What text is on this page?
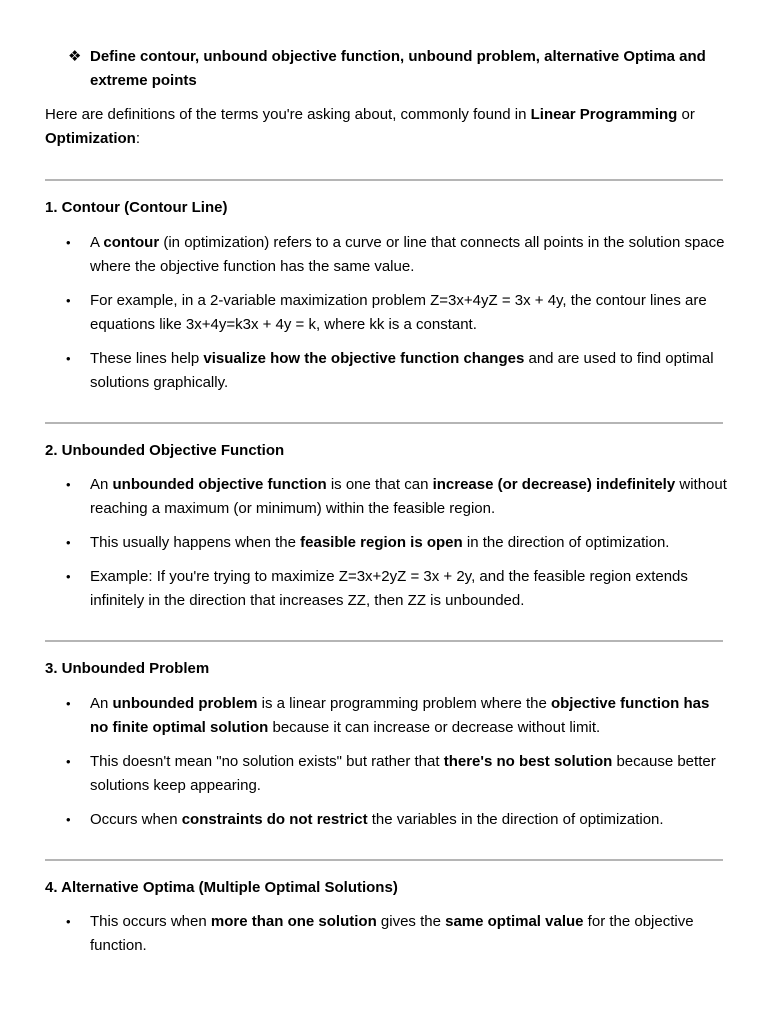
❖ Define contour, unbound objective function, unbound problem, alternative Optima and extreme points
Here are definitions of the terms you're asking about, commonly found in Linear Programming or Optimization:
1. Contour (Contour Line)
• A contour (in optimization) refers to a curve or line that connects all points in the solution space where the objective function has the same value.
• For example, in a 2-variable maximization problem Z=3x+4yZ = 3x + 4y, the contour lines are equations like 3x+4y=k3x + 4y = k, where kk is a constant.
• These lines help visualize how the objective function changes and are used to find optimal solutions graphically.
2. Unbounded Objective Function
• An unbounded objective function is one that can increase (or decrease) indefinitely without reaching a maximum (or minimum) within the feasible region.
• This usually happens when the feasible region is open in the direction of optimization.
• Example: If you're trying to maximize Z=3x+2yZ = 3x + 2y, and the feasible region extends infinitely in the direction that increases ZZ, then ZZ is unbounded.
3. Unbounded Problem
• An unbounded problem is a linear programming problem where the objective function has no finite optimal solution because it can increase or decrease without limit.
• This doesn't mean "no solution exists" but rather that there's no best solution because better solutions keep appearing.
• Occurs when constraints do not restrict the variables in the direction of optimization.
4. Alternative Optima (Multiple Optimal Solutions)
• This occurs when more than one solution gives the same optimal value for the objective function.
